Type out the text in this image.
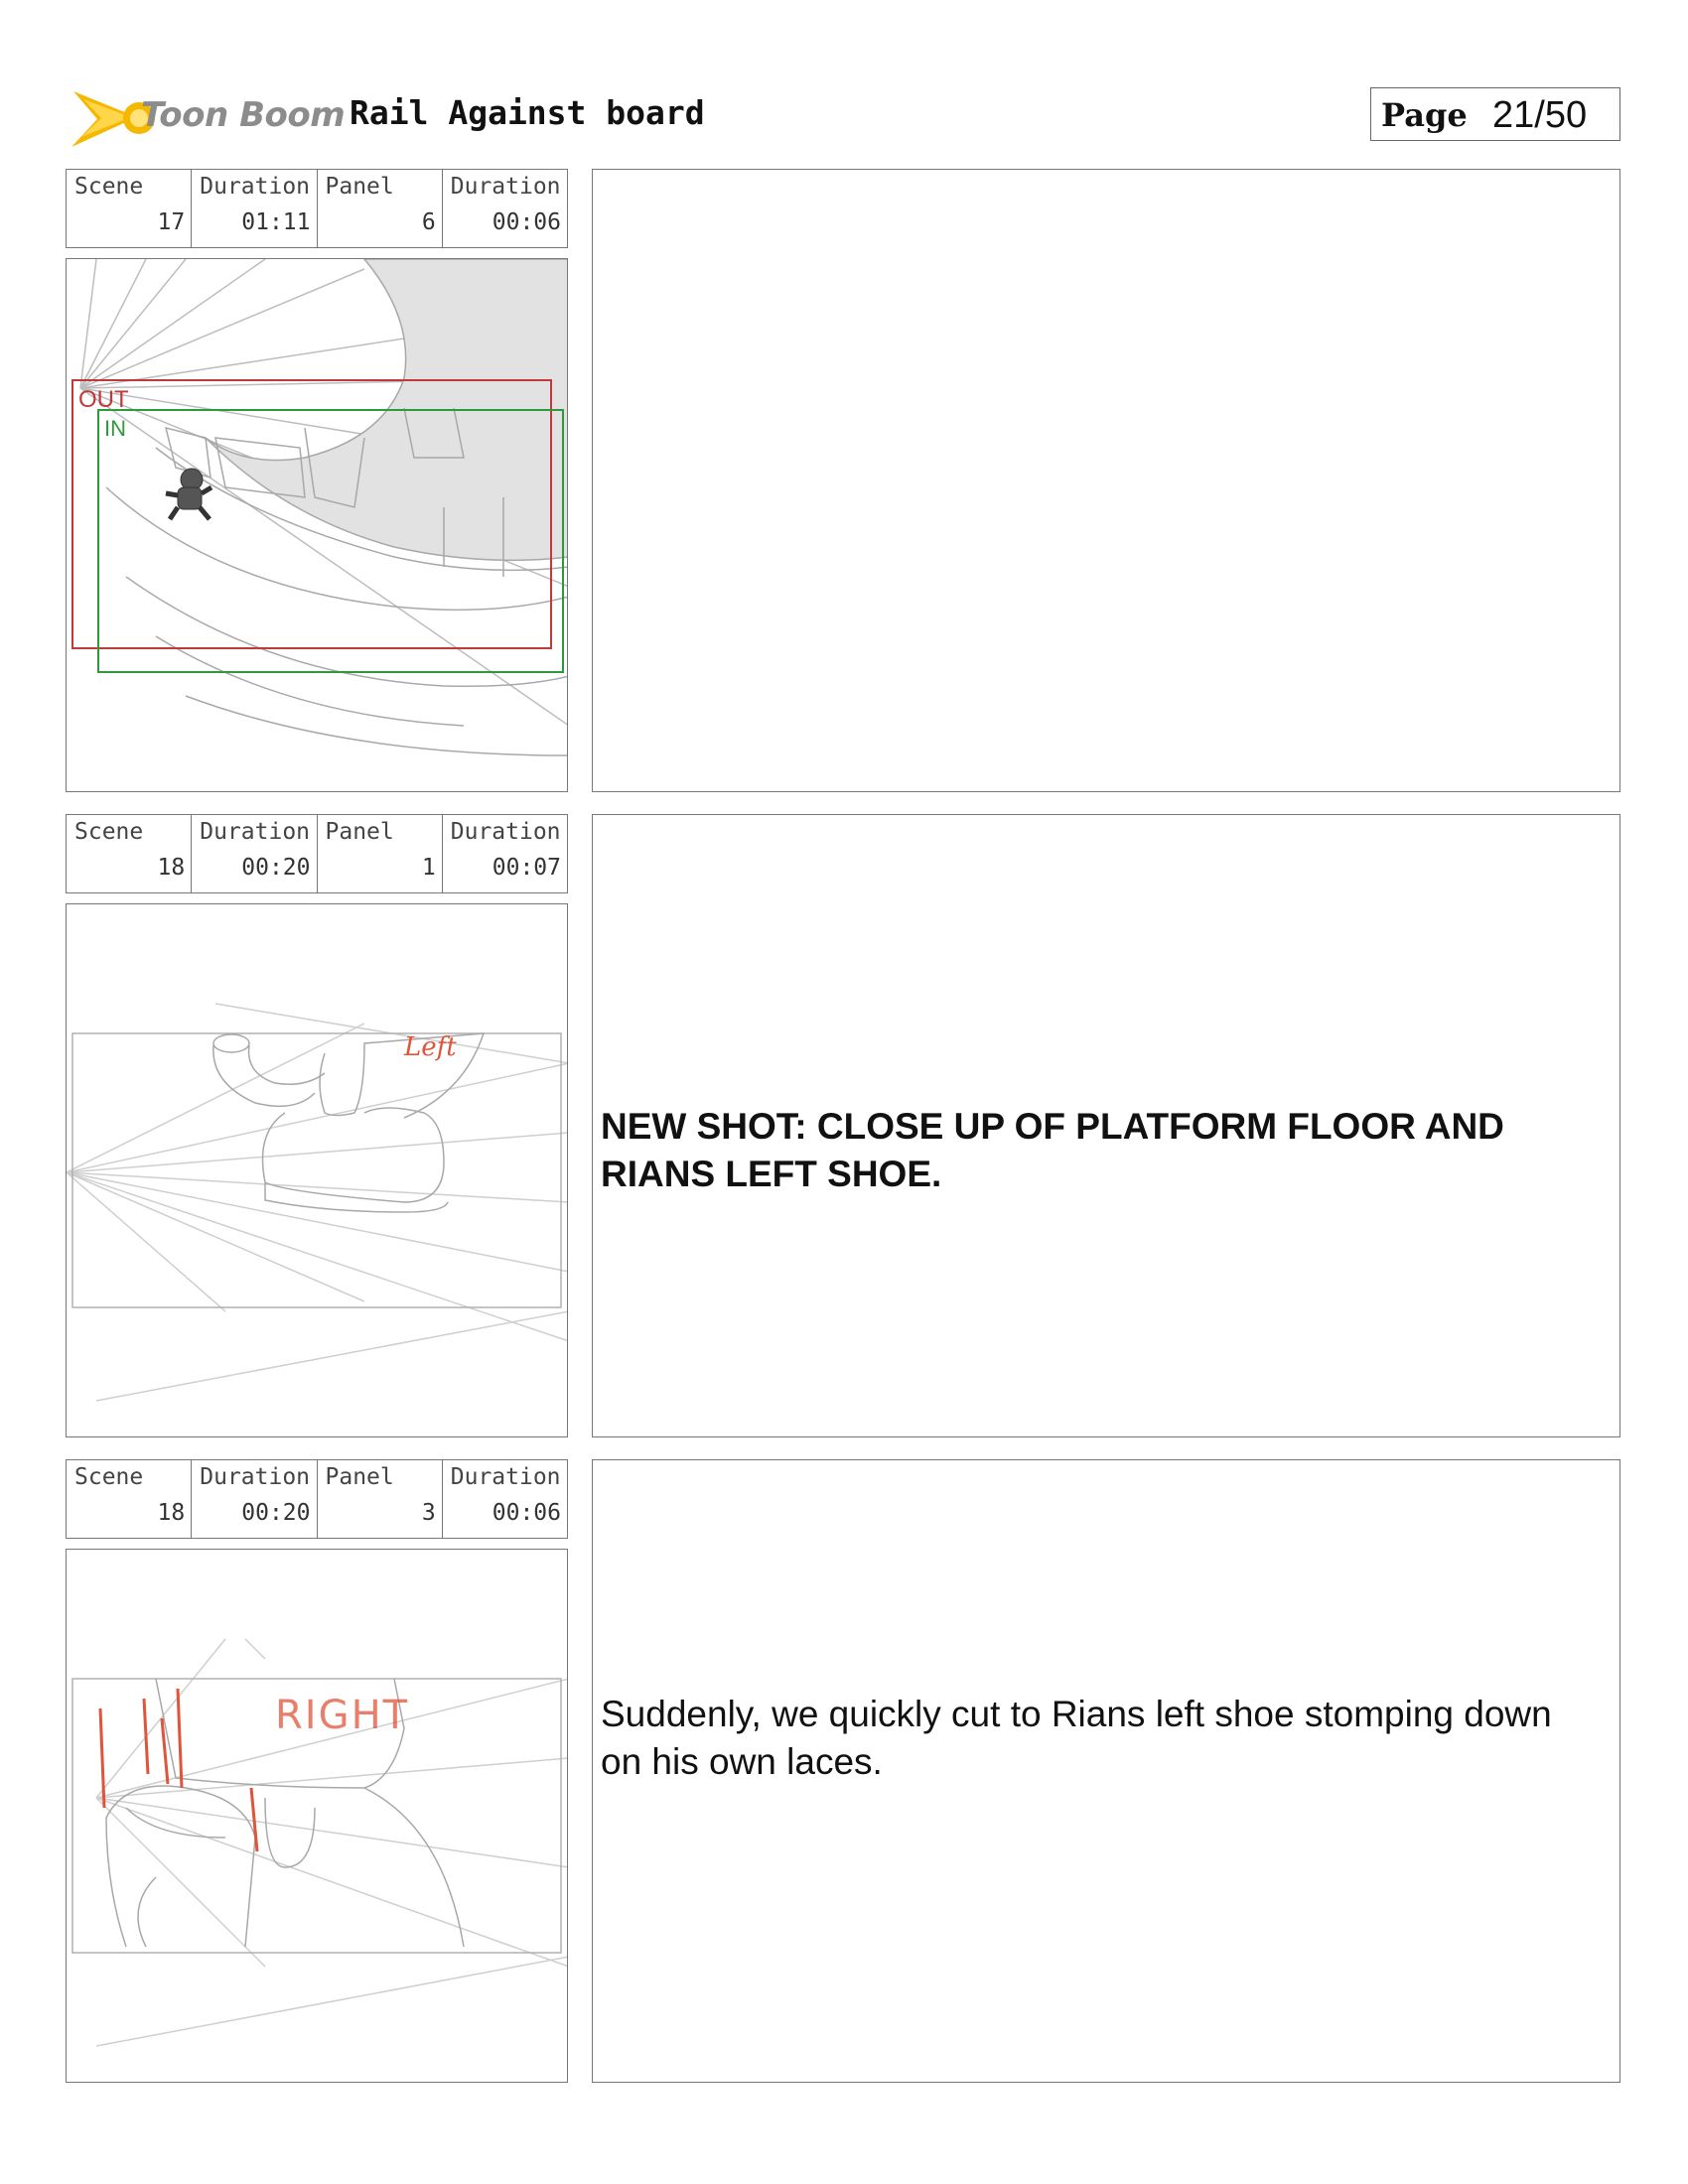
Toon Boom Rail Against board	Page 21/50
Scene
17
Duration
01:11
Panel
6
Duration
00:06
OUT
IN
Scene
18
Duration
00:20
Panel
1
Duration
00:07
Left
NEW SHOT: CLOSE UP OF PLATFORM FLOOR AND RIANS LEFT SHOE.
Scene
18
Duration
00:20
Panel
3
Duration
00:06
RIGHT	Suddenly, we quickly cut to Rians left shoe stomping down on his own laces.
